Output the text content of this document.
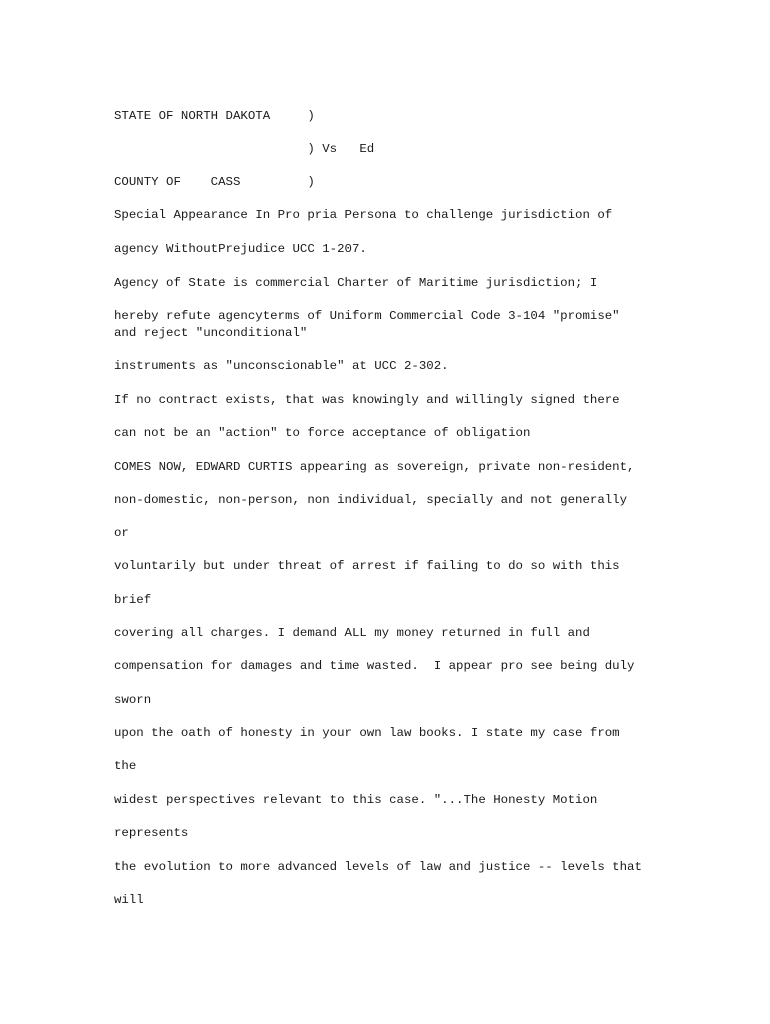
STATE OF NORTH DAKOTA     )

) Vs   Ed

COUNTY OF    CASS         )

Special Appearance In Pro pria Persona to challenge jurisdiction of

agency WithoutPrejudice UCC 1-207.

Agency of State is commercial Charter of Maritime jurisdiction; I

hereby refute agencyterms of Uniform Commercial Code 3-104 "promise"

and reject "unconditional"

instruments as "unconscionable" at UCC 2-302.

If no contract exists, that was knowingly and willingly signed there

can not be an "action" to force acceptance of obligation

COMES NOW, EDWARD CURTIS appearing as sovereign, private non-resident,

non-domestic, non-person, non individual, specially and not generally

or

voluntarily but under threat of arrest if failing to do so with this

brief

covering all charges. I demand ALL my money returned in full and

compensation for damages and time wasted.  I appear pro see being duly

sworn

upon the oath of honesty in your own law books. I state my case from

the

widest perspectives relevant to this case. "...The Honesty Motion

represents

the evolution to more advanced levels of law and justice -- levels that

will
